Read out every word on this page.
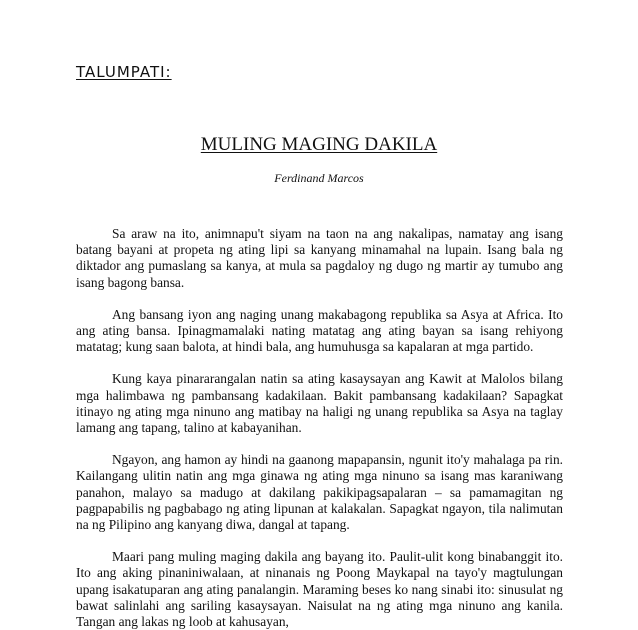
TALUMPATI:
MULING MAGING DAKILA
Ferdinand Marcos

Sa araw na ito, animnapu't siyam na taon na ang nakalipas, namatay ang isang batang bayani at propeta ng ating lipi sa kanyang minamahal na lupain. Isang bala ng diktador ang pumaslang sa kanya, at mula sa pagdaloy ng dugo ng martir ay tumubo ang isang bagong bansa.

Ang bansang iyon ang naging unang makabagong republika sa Asya at Africa. Ito ang ating bansa. Ipinagmamalaki nating matatag ang ating bayan sa isang rehiyong matatag; kung saan balota, at hindi bala, ang humuhusga sa kapalaran at mga partido.

Kung kaya pinararangalan natin sa ating kasaysayan ang Kawit at Malolos bilang mga halimbawa ng pambansang kadakilaan. Bakit pambansang kadakilaan? Sapagkat itinayo ng ating mga ninuno ang matibay na haligi ng unang republika sa Asya na taglay lamang ang tapang, talino at kabayanihan.

Ngayon, ang hamon ay hindi na gaanong mapapansin, ngunit ito'y mahalaga pa rin. Kailangang ulitin natin ang mga ginawa ng ating mga ninuno sa isang mas karaniwang panahon, malayo sa madugo at dakilang pakikipagsapalaran – sa pamamagitan ng pagpapabilis ng pagbabago ng ating lipunan at kalakalan. Sapagkat ngayon, tila nalimutan na ng Pilipino ang kanyang diwa, dangal at tapang.

Maari pang muling maging dakila ang bayang ito. Paulit-ulit kong binabanggit ito. Ito ang aking pinaniniwalaan, at ninanais ng Poong Maykapal na tayo'y magtulungan upang isakatuparan ang ating panalangin. Maraming beses ko nang sinabi ito: sinusulat ng bawat salinlahi ang sariling kasaysayan. Naisulat na ng ating mga ninuno ang kanila. Tangan ang lakas ng loob at kahusayan,
